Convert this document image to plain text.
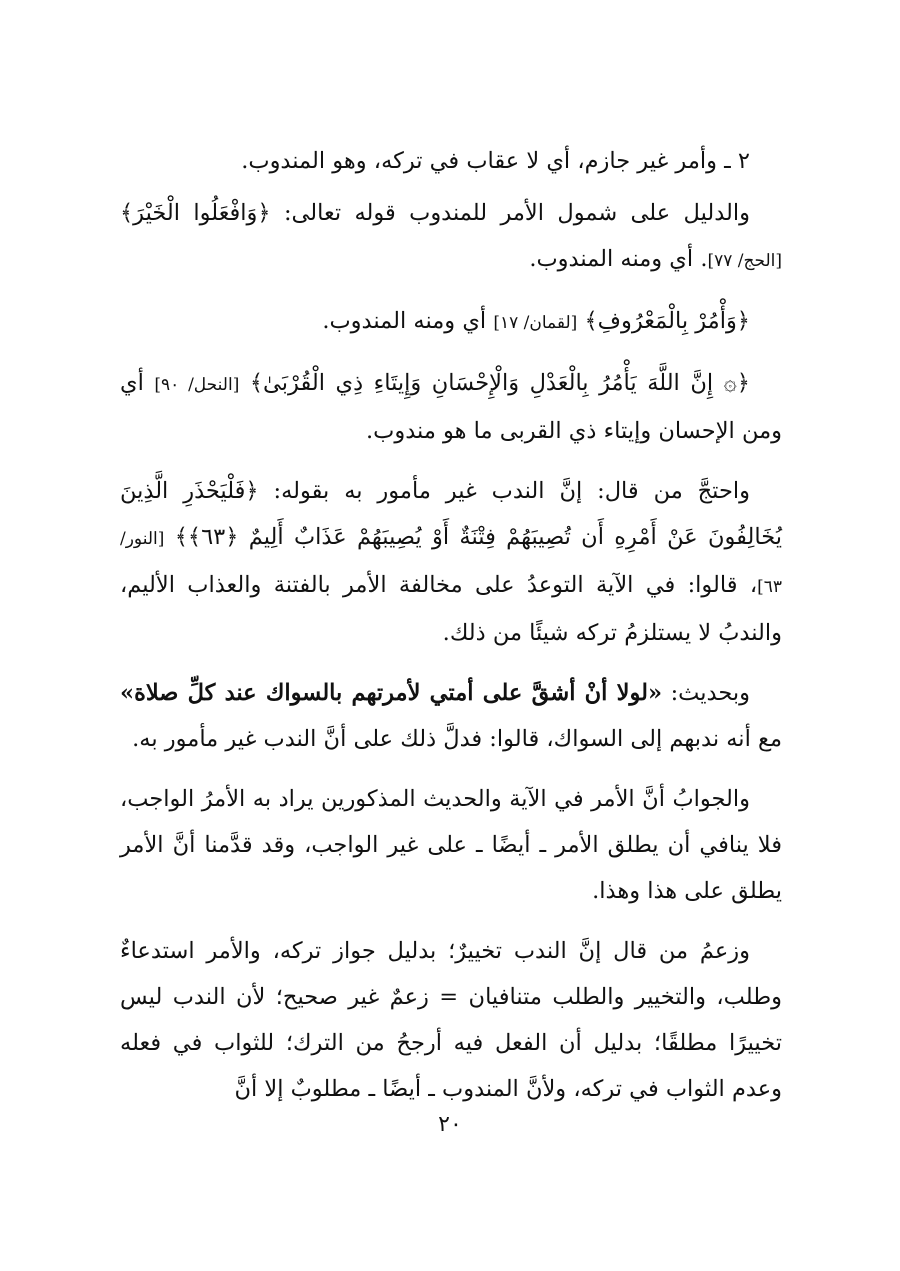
٢ ـ وأمر غير جازم، أي لا عقاب في تركه، وهو المندوب.

والدليل على شمول الأمر للمندوب قوله تعالى: ﴿وَافْعَلُوا الْخَيْرَ﴾ [الحج/ ٧٧]. أي ومنه المندوب.

﴿وَأْمُرْ بِالْمَعْرُوفِ﴾ [لقمان/ ١٧] أي ومنه المندوب.

﴿۞ إِنَّ اللَّهَ يَأْمُرُ بِالْعَدْلِ وَالْإِحْسَانِ وَإِيتَاءِ ذِي الْقُرْبَىٰ﴾ [النحل/ ٩٠] أي ومن الإحسان وإيتاء ذي القربى ما هو مندوب.

واحتجَّ من قال: إنَّ الندب غير مأمور به بقوله: ﴿فَلْيَحْذَرِ الَّذِينَ يُخَالِفُونَ عَنْ أَمْرِهِ أَن تُصِيبَهُمْ فِتْنَةٌ أَوْ يُصِيبَهُمْ عَذَابٌ أَلِيمٌ ﴿٦٣﴾﴾ [النور/ ٦٣]، قالوا: في الآية التوعدُ على مخالفة الأمر بالفتنة والعذاب الأليم، والندبُ لا يستلزمُ تركه شيئًا من ذلك.

وبحديث: «لولا أنْ أشقَّ على أمتي لأمرتهم بالسواك عند كلِّ صلاة» مع أنه ندبهم إلى السواك، قالوا: فدلَّ ذلك على أنَّ الندب غير مأمور به.

والجوابُ أنَّ الأمر في الآية والحديث المذكورين يراد به الأمرُ الواجب، فلا ينافي أن يطلق الأمر ـ أيضًا ـ على غير الواجب، وقد قدَّمنا أنَّ الأمر يطلق على هذا وهذا.

وزعمُ من قال إنَّ الندب تخييرٌ؛ بدليل جواز تركه، والأمر استدعاءٌ وطلب، والتخيير والطلب متنافيان = زعمٌ غير صحيح؛ لأن الندب ليس تخييرًا مطلقًا؛ بدليل أن الفعل فيه أرجحُ من الترك؛ للثواب في فعله وعدم الثواب في تركه، ولأنَّ المندوب ـ أيضًا ـ مطلوبٌ إلا أنَّ

٢٠
